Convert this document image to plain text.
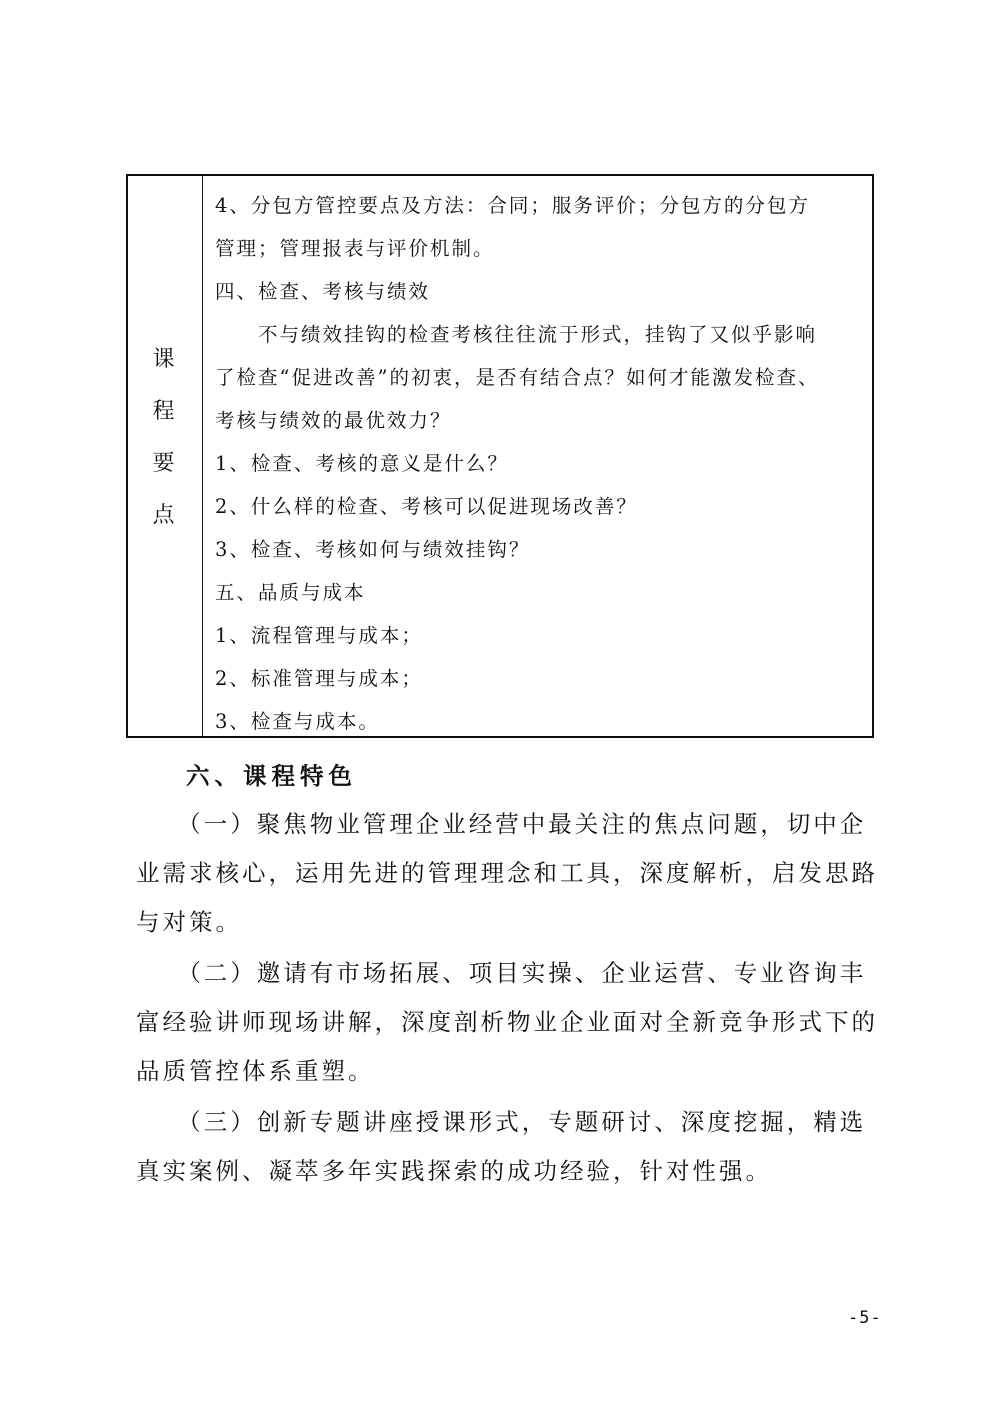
课
程
要
点
4、分包方管控要点及方法：合同；服务评价；分包方的分包方
管理；管理报表与评价机制。
四、检查、考核与绩效
　　不与绩效挂钩的检查考核往往流于形式，挂钩了又似乎影响
了检查“促进改善”的初衷，是否有结合点？如何才能激发检查、
考核与绩效的最优效力？
1、检查、考核的意义是什么？
2、什么样的检查、考核可以促进现场改善？
3、检查、考核如何与绩效挂钩？
五、品质与成本
1、流程管理与成本；
2、标准管理与成本；
3、检查与成本。
六、课程特色
　　（一）聚焦物业管理企业经营中最关注的焦点问题，切中企
业需求核心，运用先进的管理理念和工具，深度解析，启发思路
与对策。
　　（二）邀请有市场拓展、项目实操、企业运营、专业咨询丰
富经验讲师现场讲解，深度剖析物业企业面对全新竞争形式下的
品质管控体系重塑。
　　（三）创新专题讲座授课形式，专题研讨、深度挖掘，精选
真实案例、凝萃多年实践探索的成功经验，针对性强。
-5-
